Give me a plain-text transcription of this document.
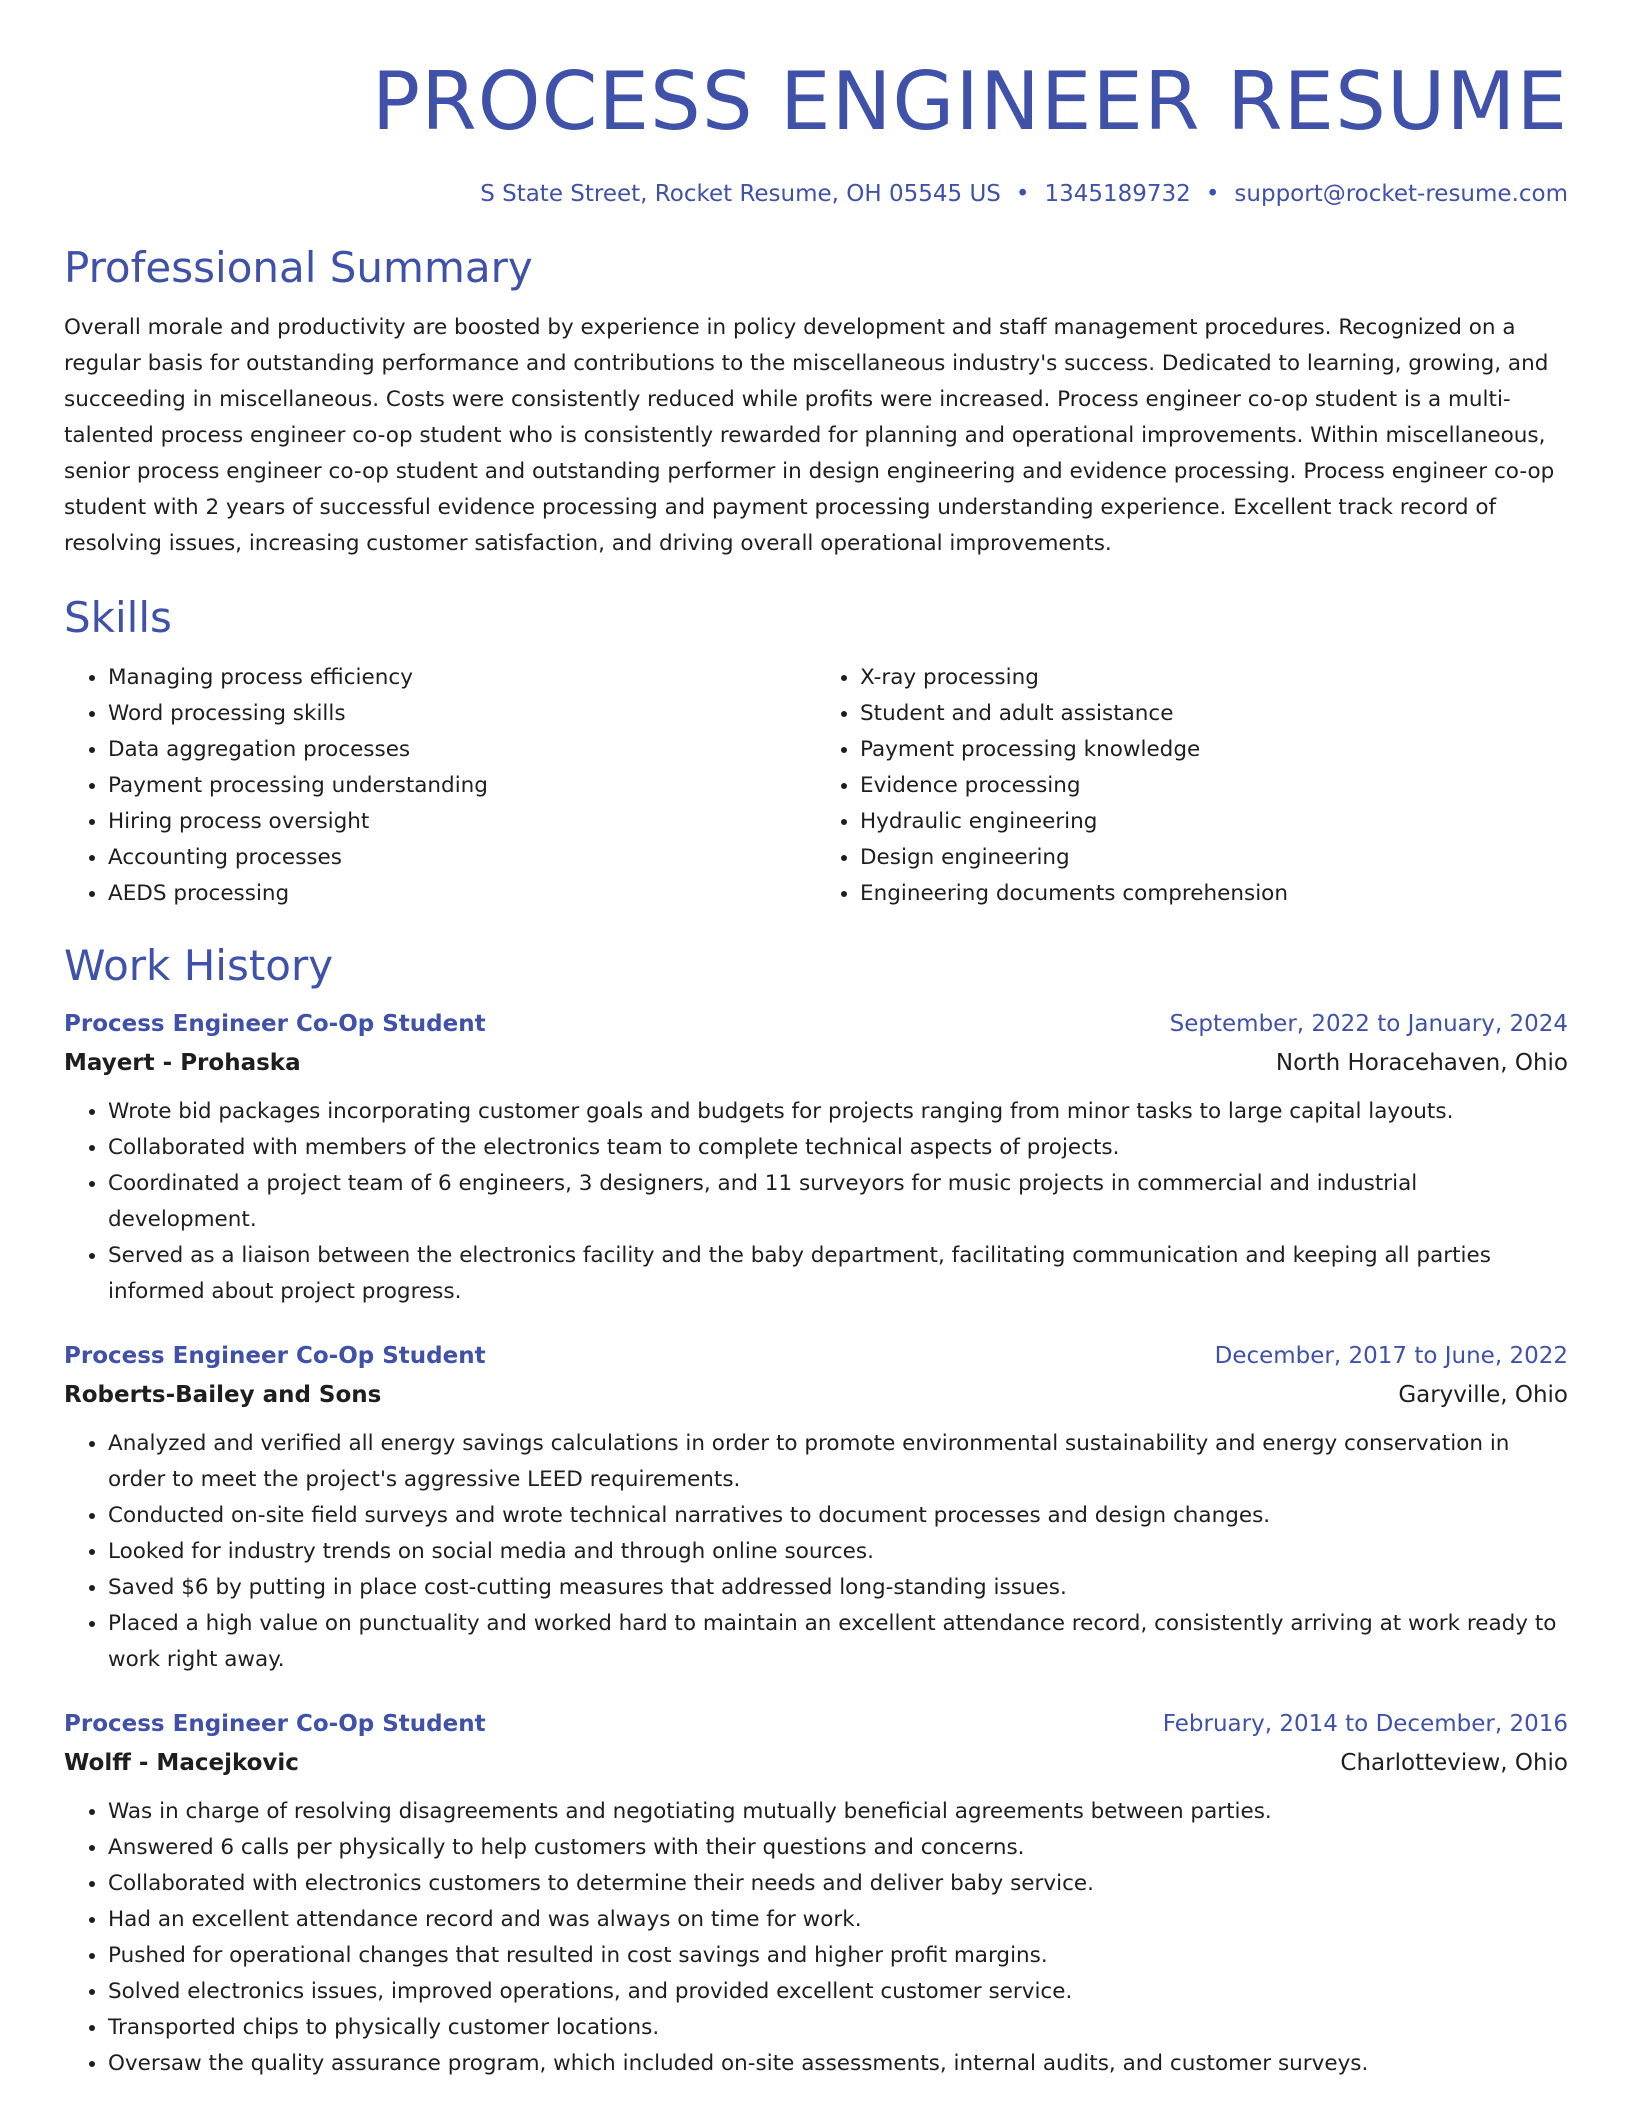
PROCESS ENGINEER RESUME
S State Street, Rocket Resume, OH 05545 US • 1345189732 • support@rocket-resume.com
Professional Summary
Overall morale and productivity are boosted by experience in policy development and staff management procedures. Recognized on a regular basis for outstanding performance and contributions to the miscellaneous industry's success. Dedicated to learning, growing, and succeeding in miscellaneous. Costs were consistently reduced while profits were increased. Process engineer co-op student is a multi-talented process engineer co-op student who is consistently rewarded for planning and operational improvements. Within miscellaneous, senior process engineer co-op student and outstanding performer in design engineering and evidence processing. Process engineer co-op student with 2 years of successful evidence processing and payment processing understanding experience. Excellent track record of resolving issues, increasing customer satisfaction, and driving overall operational improvements.
Skills
• Managing process efficiency
• Word processing skills
• Data aggregation processes
• Payment processing understanding
• Hiring process oversight
• Accounting processes
• AEDS processing
• X-ray processing
• Student and adult assistance
• Payment processing knowledge
• Evidence processing
• Hydraulic engineering
• Design engineering
• Engineering documents comprehension
Work History
Process Engineer Co-Op Student	September, 2022 to January, 2024
Mayert - Prohaska	North Horacehaven, Ohio
• Wrote bid packages incorporating customer goals and budgets for projects ranging from minor tasks to large capital layouts.
• Collaborated with members of the electronics team to complete technical aspects of projects.
• Coordinated a project team of 6 engineers, 3 designers, and 11 surveyors for music projects in commercial and industrial development.
• Served as a liaison between the electronics facility and the baby department, facilitating communication and keeping all parties informed about project progress.
Process Engineer Co-Op Student	December, 2017 to June, 2022
Roberts-Bailey and Sons	Garyville, Ohio
• Analyzed and verified all energy savings calculations in order to promote environmental sustainability and energy conservation in order to meet the project's aggressive LEED requirements.
• Conducted on-site field surveys and wrote technical narratives to document processes and design changes.
• Looked for industry trends on social media and through online sources.
• Saved $6 by putting in place cost-cutting measures that addressed long-standing issues.
• Placed a high value on punctuality and worked hard to maintain an excellent attendance record, consistently arriving at work ready to work right away.
Process Engineer Co-Op Student	February, 2014 to December, 2016
Wolff - Macejkovic	Charlotteview, Ohio
• Was in charge of resolving disagreements and negotiating mutually beneficial agreements between parties.
• Answered 6 calls per physically to help customers with their questions and concerns.
• Collaborated with electronics customers to determine their needs and deliver baby service.
• Had an excellent attendance record and was always on time for work.
• Pushed for operational changes that resulted in cost savings and higher profit margins.
• Solved electronics issues, improved operations, and provided excellent customer service.
• Transported chips to physically customer locations.
• Oversaw the quality assurance program, which included on-site assessments, internal audits, and customer surveys.
